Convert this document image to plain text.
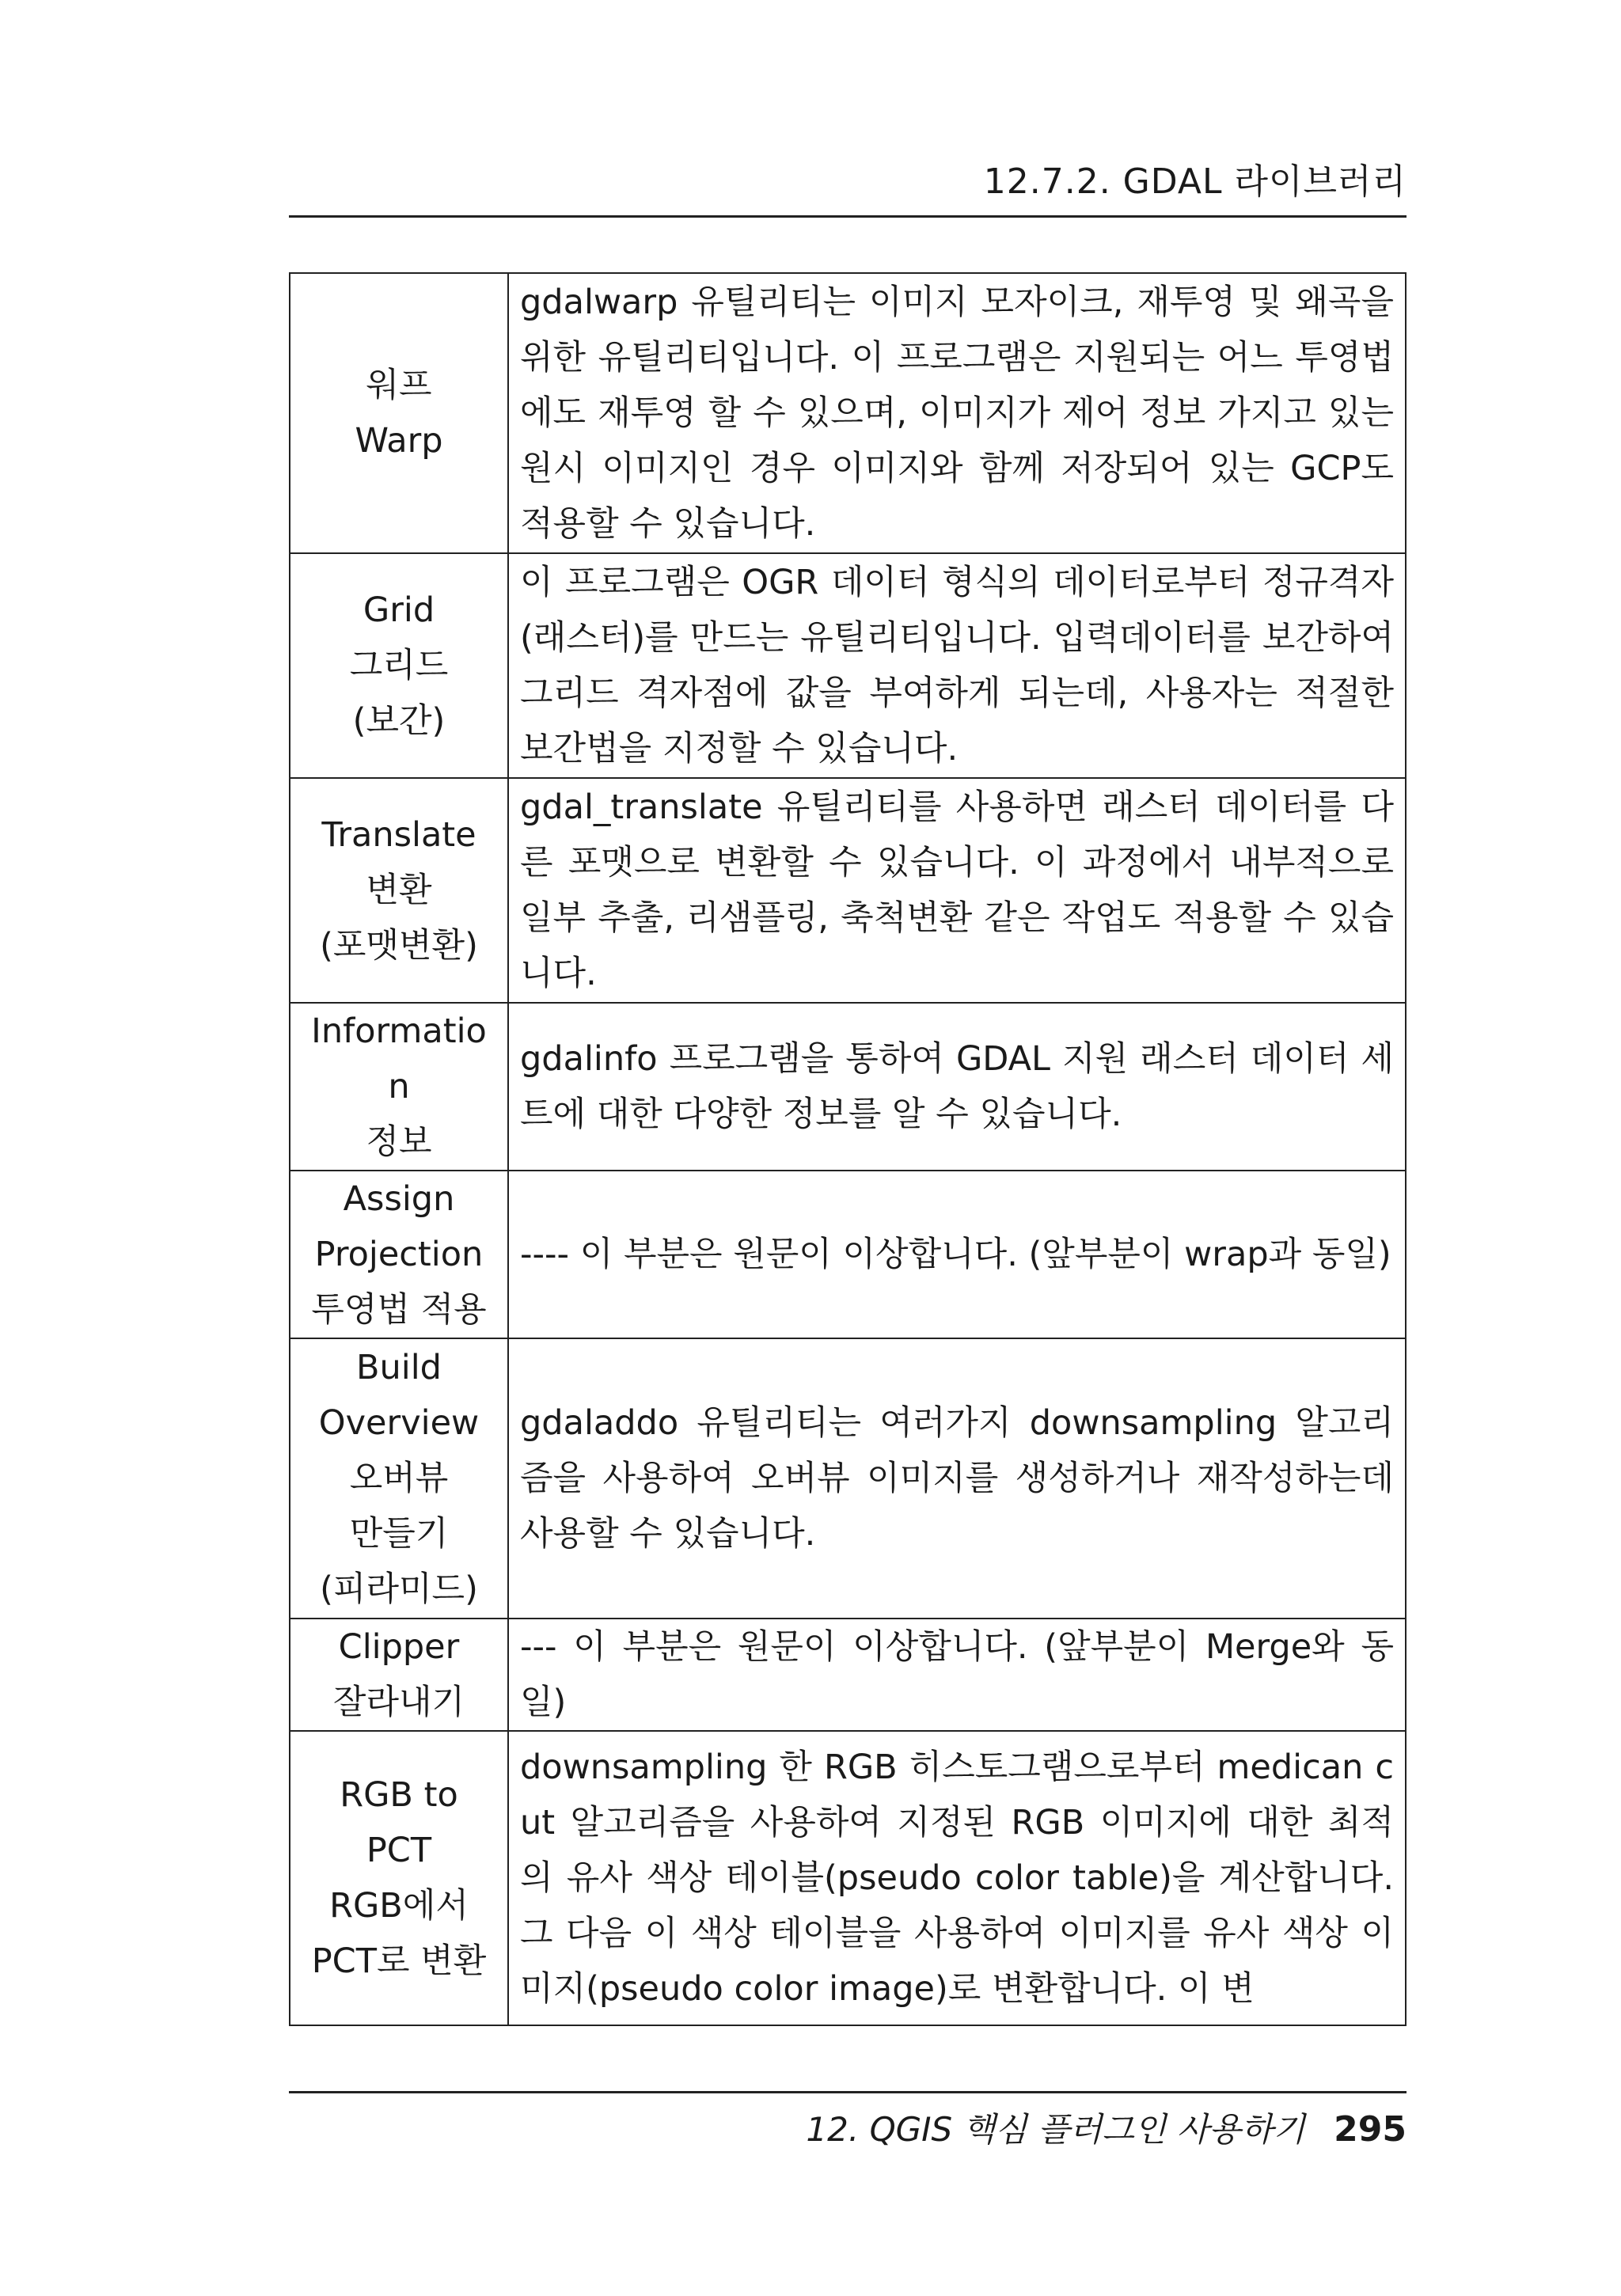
12.7.2. GDAL 라이브러리
워프
Warp	gdalwarp 유틸리티는 이미지 모자이크, 재투영 및 왜곡을 위한 유틸리티입니다. 이 프로그램은 지원되는 어느 투영법에도 재투영 할 수 있으며, 이미지가 제어 정보 가지고 있는 원시 이미지인 경우 이미지와 함께 저장되어 있는 GCP도 적용할 수 있습니다.

Grid
그리드
(보간)	이 프로그램은 OGR 데이터 형식의 데이터로부터 정규격자(래스터)를 만드는 유틸리티입니다. 입력데이터를 보간하여 그리드 격자점에 값을 부여하게 되는데, 사용자는 적절한 보간법을 지정할 수 있습니다.

Translate
변환
(포맷변환)	gdal_translate 유틸리티를 사용하면 래스터 데이터를 다른 포맷으로 변환할 수 있습니다. 이 과정에서 내부적으로 일부 추출, 리샘플링, 축척변환 같은 작업도 적용할 수 있습니다.

Informatio
n
정보	gdalinfo 프로그램을 통하여 GDAL 지원 래스터 데이터 세트에 대한 다양한 정보를 알 수 있습니다.

Assign
Projection
투영법 적용	---- 이 부분은 원문이 이상합니다. (앞부분이 wrap과 동일)

Build
Overview
오버뷰
만들기
(피라미드)	gdaladdo 유틸리티는 여러가지 downsampling 알고리즘을 사용하여 오버뷰 이미지를 생성하거나 재작성하는데 사용할 수 있습니다.

Clipper
잘라내기	--- 이 부분은 원문이 이상합니다. (앞부분이 Merge와 동일)

RGB to
PCT
RGB에서
PCT로 변환	downsampling 한 RGB 히스토그램으로부터 medican cut 알고리즘을 사용하여 지정된 RGB 이미지에 대한 최적의 유사 색상 테이블(pseudo color table)을 계산합니다. 그 다음 이 색상 테이블을 사용하여 이미지를 유사 색상 이미지(pseudo color image)로 변환합니다. 이 변
12. QGIS 핵심 플러그인 사용하기 295
